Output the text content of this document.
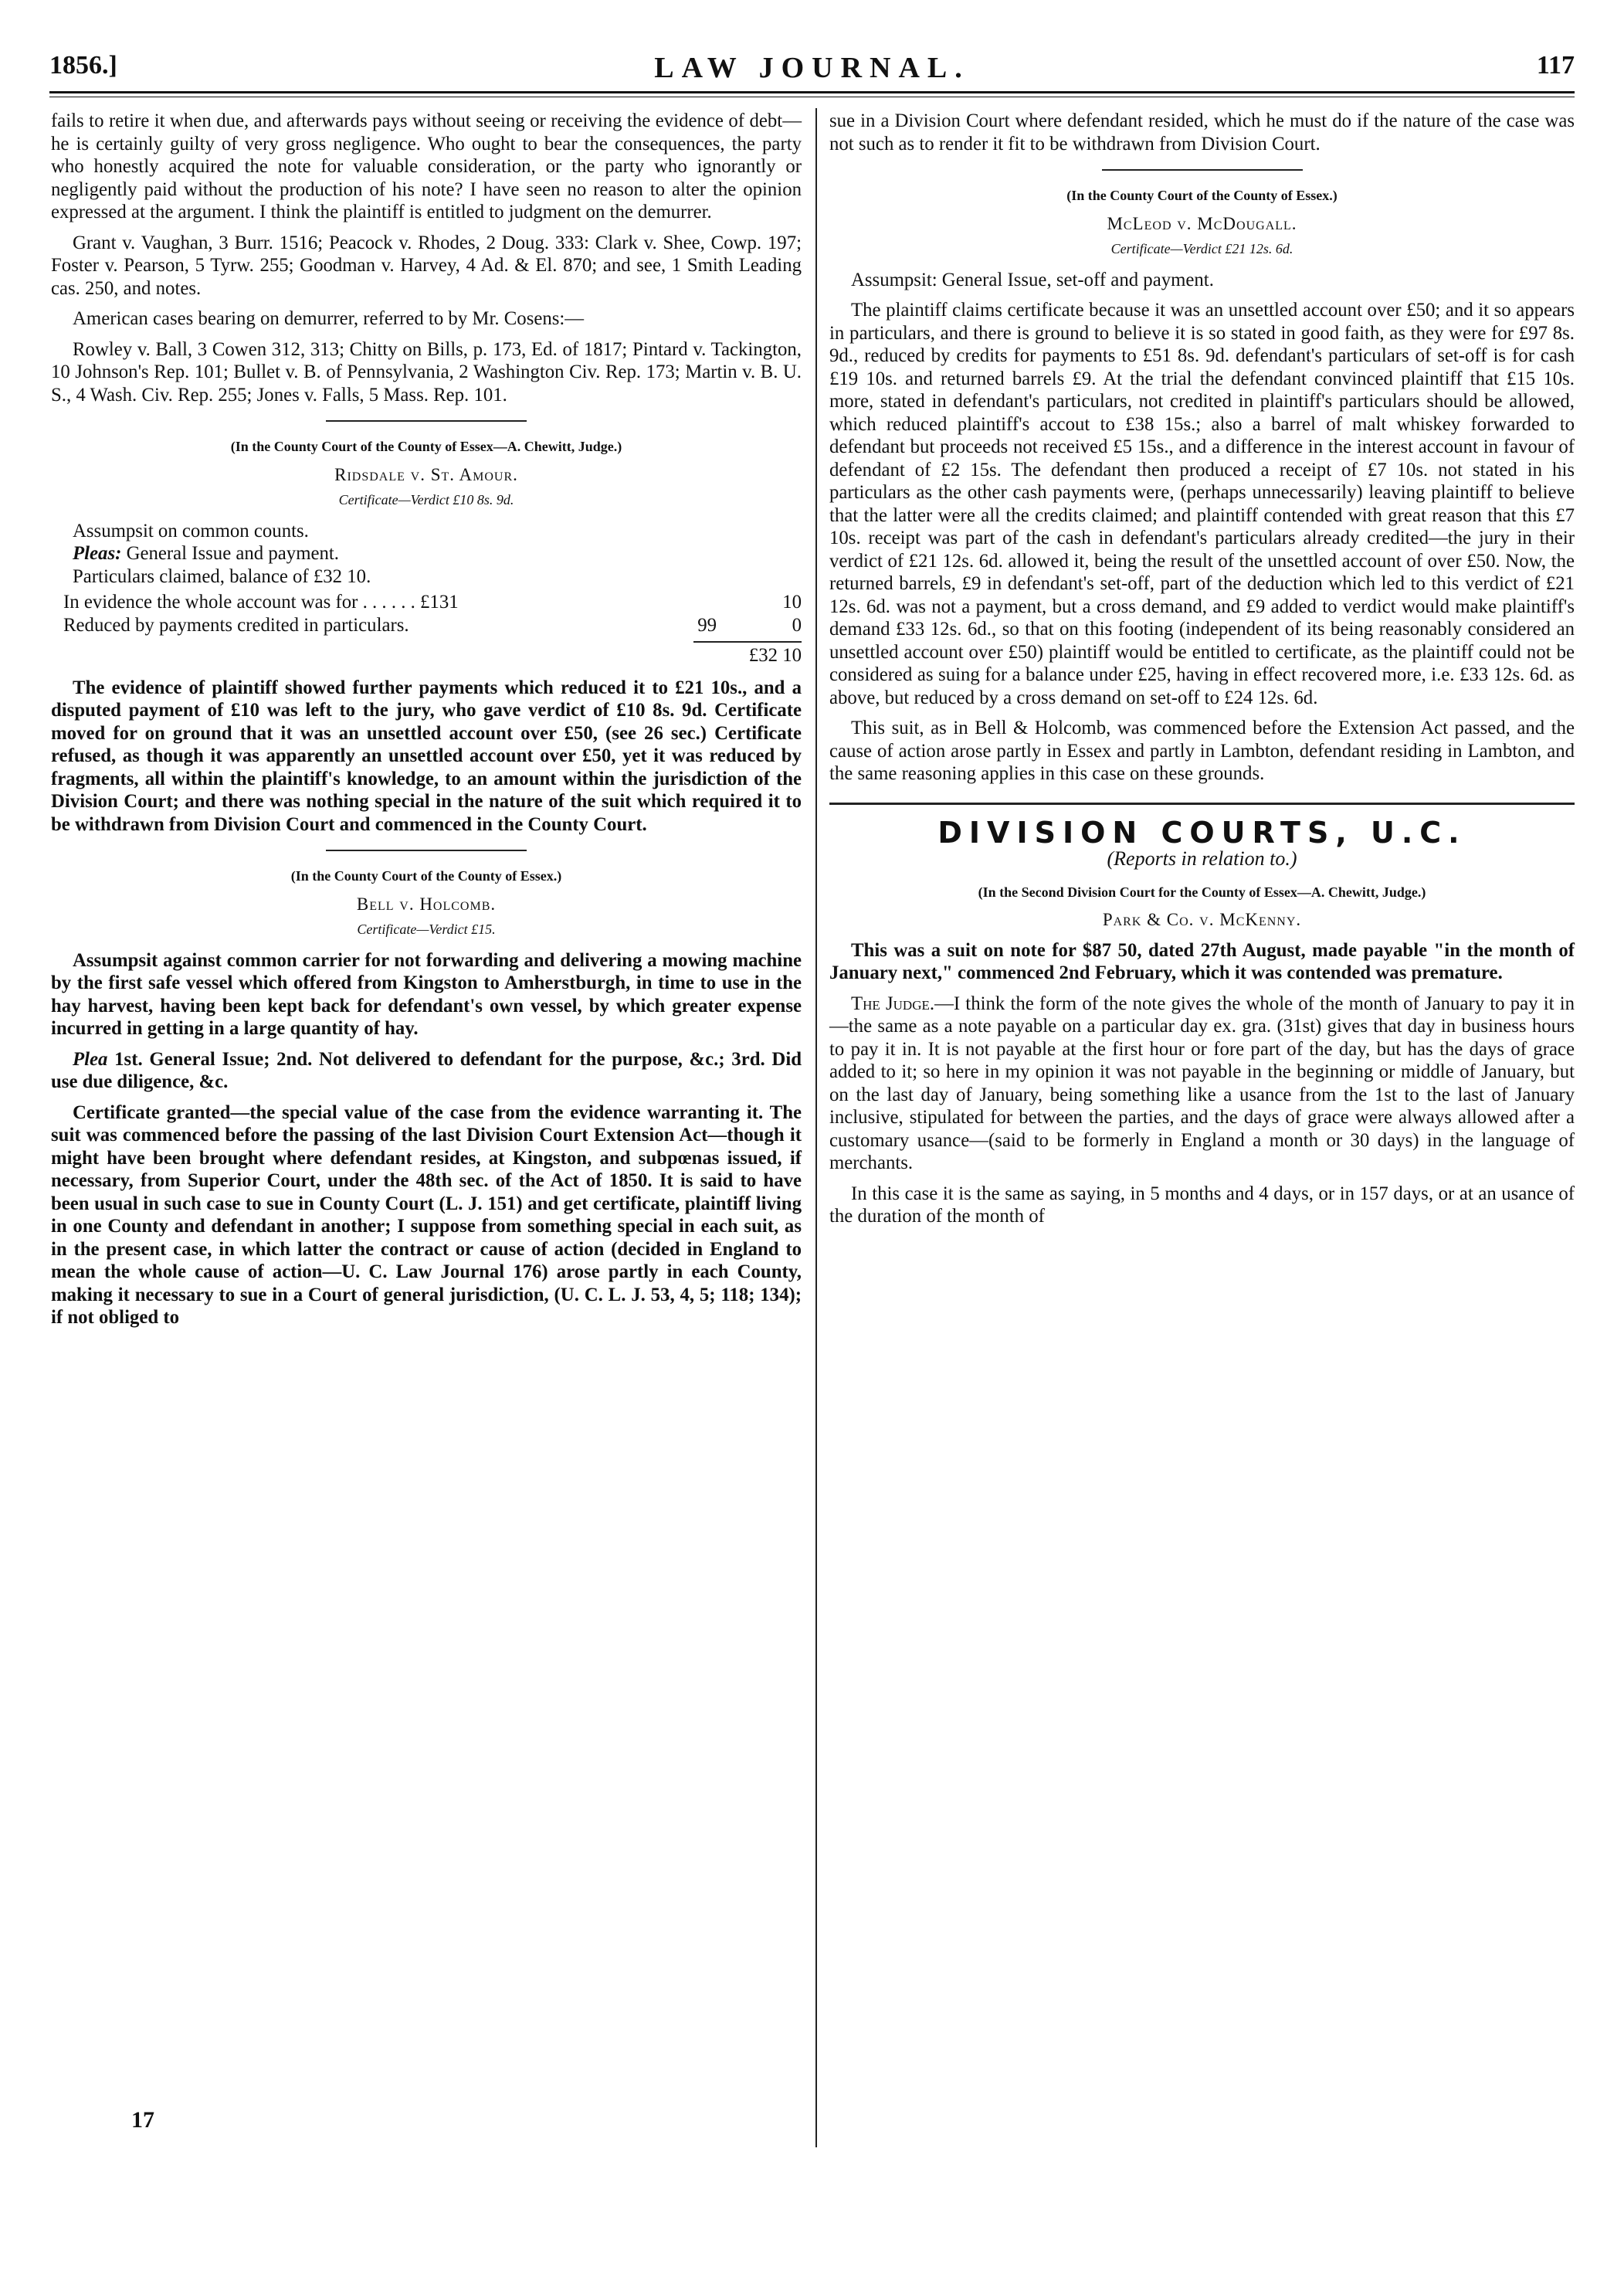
1856.]	LAW JOURNAL.	117

fails to retire it when due, and afterwards pays without seeing or receiving the evidence of debt—he is certainly guilty of very gross negligence. Who ought to bear the consequences, the party who honestly acquired the note for valuable consideration, or the party who ignorantly or negligently paid without the production of his note? I have seen no reason to alter the opinion expressed at the argument. I think the plaintiff is entitled to judgment on the demurrer.

Grant v. Vaughan, 3 Burr. 1516; Peacock v. Rhodes, 2 Doug. 333: Clark v. Shee, Cowp. 197; Foster v. Pearson, 5 Tyrw. 255; Goodman v. Harvey, 4 Ad. & El. 870; and see, 1 Smith Leading cas. 250, and notes.

American cases bearing on demurrer, referred to by Mr. Cosens:—

Rowley v. Ball, 3 Cowen 312, 313; Chitty on Bills, p. 173, Ed. of 1817; Pintard v. Tackington, 10 Johnson's Rep. 101; Bullet v. B. of Pennsylvania, 2 Washington Civ. Rep. 173; Martin v. B. U. S., 4 Wash. Civ. Rep. 255; Jones v. Falls, 5 Mass. Rep. 101.

(In the County Court of the County of Essex—A. Chewitt, Judge.)
Ridsdale v. St. Amour.
Certificate—Verdict £10 8s. 9d.

Assumpsit on common counts.

Pleas: General Issue and payment.

Particulars claimed, balance of £32 10.

In evidence the whole account was for . . . . . . £131	10
Reduced by payments credited in particulars.	99	0
£32 10

The evidence of plaintiff showed further payments which reduced it to £21 10s., and a disputed payment of £10 was left to the jury, who gave verdict of £10 8s. 9d. Certificate moved for on ground that it was an unsettled account over £50, (see 26 sec.) Certificate refused, as though it was apparently an unsettled account over £50, yet it was reduced by fragments, all within the plaintiff's knowledge, to an amount within the jurisdiction of the Division Court; and there was nothing special in the nature of the suit which required it to be withdrawn from Division Court and commenced in the County Court.

(In the County Court of the County of Essex.)
Bell v. Holcomb.
Certificate—Verdict £15.

Assumpsit against common carrier for not forwarding and delivering a mowing machine by the first safe vessel which offered from Kingston to Amherstburgh, in time to use in the hay harvest, having been kept back for defendant's own vessel, by which greater expense incurred in getting in a large quantity of hay.

Plea 1st. General Issue; 2nd. Not delivered to defendant for the purpose, &c.; 3rd. Did use due diligence, &c.

Certificate granted—the special value of the case from the evidence warranting it. The suit was commenced before the passing of the last Division Court Extension Act—though it might have been brought where defendant resides, at Kingston, and subpœnas issued, if necessary, from Superior Court, under the 48th sec. of the Act of 1850. It is said to have been usual in such case to sue in County Court (L. J. 151) and get certificate, plaintiff living in one County and defendant in another; I suppose from something special in each suit, as in the present case, in which latter the contract or cause of action (decided in England to mean the whole cause of action—U. C. Law Journal 176) arose partly in each County, making it necessary to sue in a Court of general jurisdiction, (U. C. L. J. 53, 4, 5; 118; 134); if not obliged to

17

sue in a Division Court where defendant resided, which he must do if the nature of the case was not such as to render it fit to be withdrawn from Division Court.

(In the County Court of the County of Essex.)
McLeod v. McDougall.
Certificate—Verdict £21 12s. 6d.

Assumpsit: General Issue, set-off and payment.

The plaintiff claims certificate because it was an unsettled account over £50; and it so appears in particulars, and there is ground to believe it is so stated in good faith, as they were for £97 8s. 9d., reduced by credits for payments to £51 8s. 9d. defendant's particulars of set-off is for cash £19 10s. and returned barrels £9. At the trial the defendant convinced plaintiff that £15 10s. more, stated in defendant's particulars, not credited in plaintiff's particulars should be allowed, which reduced plaintiff's accout to £38 15s.; also a barrel of malt whiskey forwarded to defendant but proceeds not received £5 15s., and a difference in the interest account in favour of defendant of £2 15s. The defendant then produced a receipt of £7 10s. not stated in his particulars as the other cash payments were, (perhaps unnecessarily) leaving plaintiff to believe that the latter were all the credits claimed; and plaintiff contended with great reason that this £7 10s. receipt was part of the cash in defendant's particulars already credited—the jury in their verdict of £21 12s. 6d. allowed it, being the result of the unsettled account of over £50. Now, the returned barrels, £9 in defendant's set-off, part of the deduction which led to this verdict of £21 12s. 6d. was not a payment, but a cross demand, and £9 added to verdict would make plaintiff's demand £33 12s. 6d., so that on this footing (independent of its being reasonably considered an unsettled account over £50) plaintiff would be entitled to certificate, as the plaintiff could not be considered as suing for a balance under £25, having in effect recovered more, i.e. £33 12s. 6d. as above, but reduced by a cross demand on set-off to £24 12s. 6d.

This suit, as in Bell & Holcomb, was commenced before the Extension Act passed, and the cause of action arose partly in Essex and partly in Lambton, defendant residing in Lambton, and the same reasoning applies in this case on these grounds.

DIVISION COURTS, U.C.
(Reports in relation to.)
(In the Second Division Court for the County of Essex—A. Chewitt, Judge.)
Park & Co. v. McKenny.

This was a suit on note for $87 50, dated 27th August, made payable "in the month of January next," commenced 2nd February, which it was contended was premature.

The Judge.—I think the form of the note gives the whole of the month of January to pay it in—the same as a note payable on a particular day ex. gra. (31st) gives that day in business hours to pay it in. It is not payable at the first hour or fore part of the day, but has the days of grace added to it; so here in my opinion it was not payable in the beginning or middle of January, but on the last day of January, being something like a usance from the 1st to the last of January inclusive, stipulated for between the parties, and the days of grace were always allowed after a customary usance—(said to be formerly in England a month or 30 days) in the language of merchants.

In this case it is the same as saying, in 5 months and 4 days, or in 157 days, or at an usance of the duration of the month of
